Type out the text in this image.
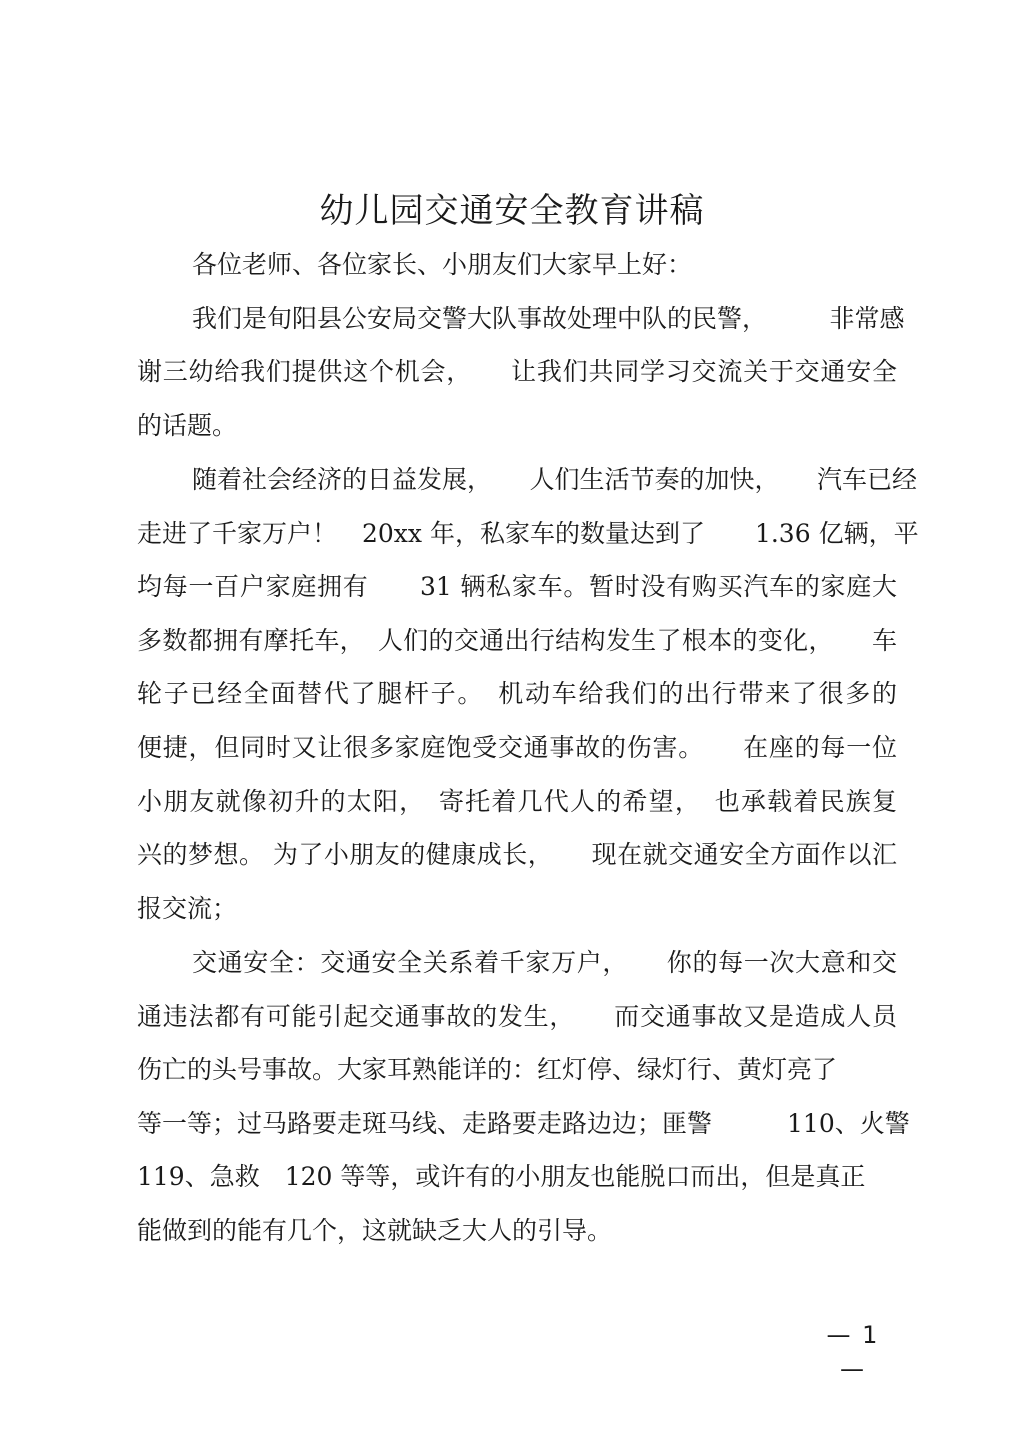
幼儿园交通安全教育讲稿

各位老师、各位家长、小朋友们大家早上好：

我们是旬阳县公安局交警大队事故处理中队的民警，　　　非常感

谢三幼给我们提供这个机会，　　让我们共同学习交流关于交通安全

的话题。

随着社会经济的日益发展，　　人们生活节奏的加快，　　汽车已经

走进了千家万户！　20xx 年，私家车的数量达到了　　1.36 亿辆，平

均每一百户家庭拥有　　31 辆私家车。暂时没有购买汽车的家庭大

多数都拥有摩托车，　人们的交通出行结构发生了根本的变化，　　车

轮子已经全面替代了腿杆子。　机动车给我们的出行带来了很多的

便捷，但同时又让很多家庭饱受交通事故的伤害。　　在座的每一位

小朋友就像初升的太阳，　寄托着几代人的希望，　也承载着民族复

兴的梦想。 为了小朋友的健康成长，　　现在就交通安全方面作以汇

报交流；

交通安全：交通安全关系着千家万户，　　你的每一次大意和交

通违法都有可能引起交通事故的发生，　　而交通事故又是造成人员

伤亡的头号事故。大家耳熟能详的：红灯停、绿灯行、黄灯亮了

等一等；过马路要走斑马线、走路要走路边边；匪警　　　110、火警

119、急救　120 等等，或许有的小朋友也能脱口而出，但是真正

能做到的能有几个，这就缺乏大人的引导。

— 1 —
